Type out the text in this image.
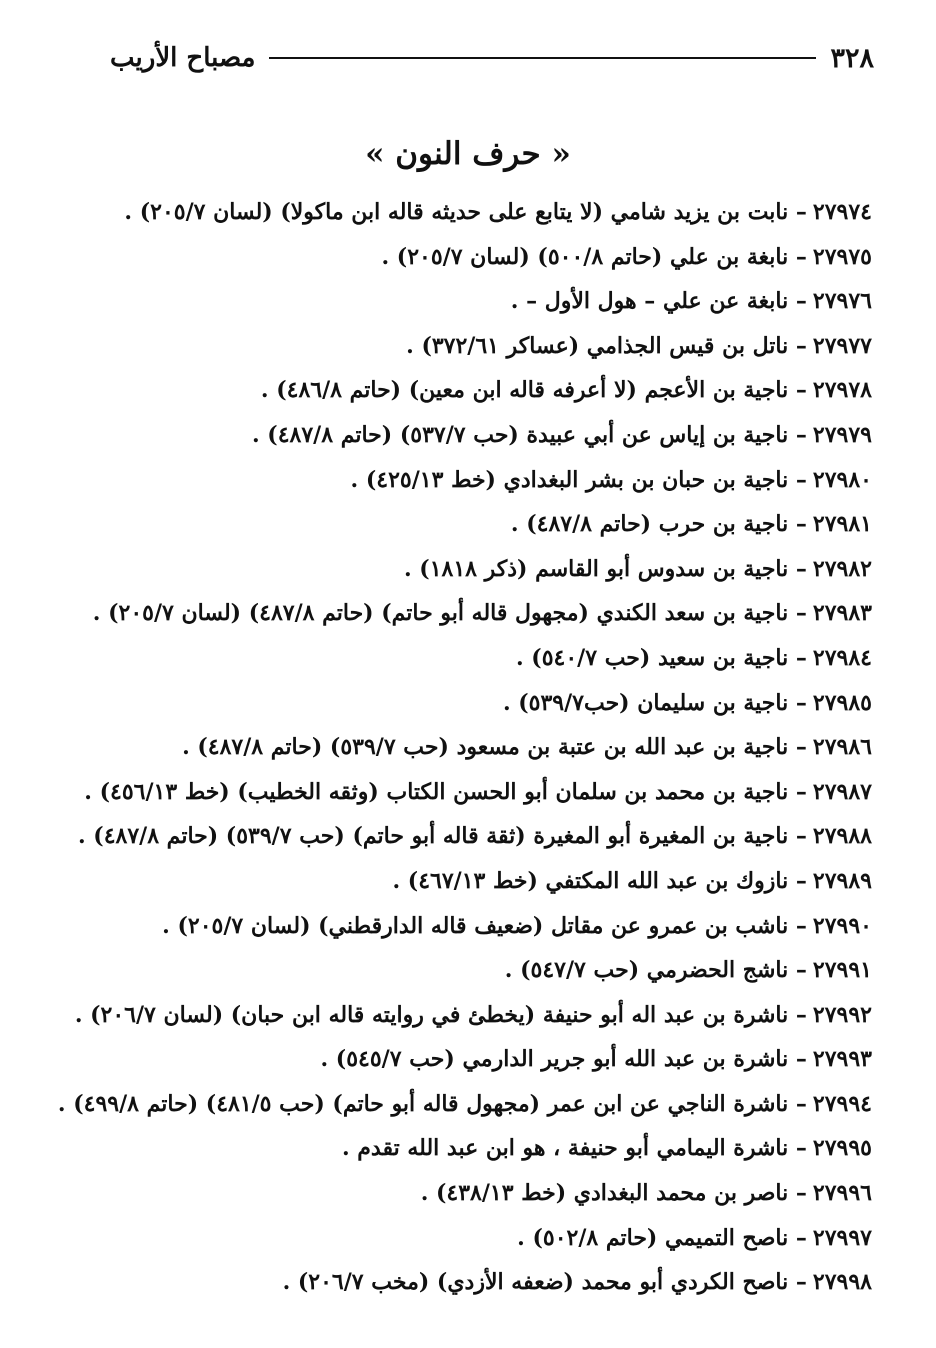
٣٢٨
مصباح الأريب
« حرف النون »
٢٧٩٧٤– نابت بن يزيد شامي (لا يتابع على حديثه قاله ابن ماكولا) (لسان ٢٠٥/٧) .
٢٧٩٧٥– نابغة بن علي (حاتم ٥٠٠/٨) (لسان ٢٠٥/٧) .
٢٧٩٧٦– نابغة عن علي – هول الأول – .
٢٧٩٧٧– ناتل بن قيس الجذامي (عساكر ٣٧٢/٦١) .
٢٧٩٧٨– ناجية بن الأعجم (لا أعرفه قاله ابن معين) (حاتم ٤٨٦/٨) .
٢٧٩٧٩– ناجية بن إياس عن أبي عبيدة (حب ٥٣٧/٧) (حاتم ٤٨٧/٨) .
٢٧٩٨٠– ناجية بن حبان بن بشر البغدادي (خط ٤٢٥/١٣) .
٢٧٩٨١– ناجية بن حرب (حاتم ٤٨٧/٨) .
٢٧٩٨٢– ناجية بن سدوس أبو القاسم (ذكر ١٨١٨) .
٢٧٩٨٣– ناجية بن سعد الكندي (مجهول قاله أبو حاتم) (حاتم ٤٨٧/٨) (لسان ٢٠٥/٧) .
٢٧٩٨٤– ناجية بن سعيد (حب ٥٤٠/٧) .
٢٧٩٨٥– ناجية بن سليمان (حب٥٣٩/٧) .
٢٧٩٨٦– ناجية بن عبد الله بن عتبة بن مسعود (حب ٥٣٩/٧) (حاتم ٤٨٧/٨) .
٢٧٩٨٧– ناجية بن محمد بن سلمان أبو الحسن الكتاب (وثقه الخطيب) (خط ٤٥٦/١٣) .
٢٧٩٨٨– ناجية بن المغيرة أبو المغيرة (ثقة قاله أبو حاتم) (حب ٥٣٩/٧) (حاتم ٤٨٧/٨) .
٢٧٩٨٩– نازوك بن عبد الله المكتفي (خط ٤٦٧/١٣) .
٢٧٩٩٠– ناشب بن عمرو عن مقاتل (ضعيف قاله الدارقطني) (لسان ٢٠٥/٧) .
٢٧٩٩١– ناشج الحضرمي (حب ٥٤٧/٧) .
٢٧٩٩٢– ناشرة بن عبد اله أبو حنيفة (يخطئ في روايته قاله ابن حبان) (لسان ٢٠٦/٧) .
٢٧٩٩٣– ناشرة بن عبد الله أبو جرير الدارمي (حب ٥٤٥/٧) .
٢٧٩٩٤– ناشرة الناجي عن ابن عمر (مجهول قاله أبو حاتم) (حب ٤٨١/٥) (حاتم ٤٩٩/٨) .
٢٧٩٩٥– ناشرة اليمامي أبو حنيفة ، هو ابن عبد الله تقدم .
٢٧٩٩٦– ناصر بن محمد البغدادي (خط ٤٣٨/١٣) .
٢٧٩٩٧– ناصح التميمي (حاتم ٥٠٢/٨) .
٢٧٩٩٨– ناصح الكردي أبو محمد (ضعفه الأزدي) (مخب ٢٠٦/٧) .
